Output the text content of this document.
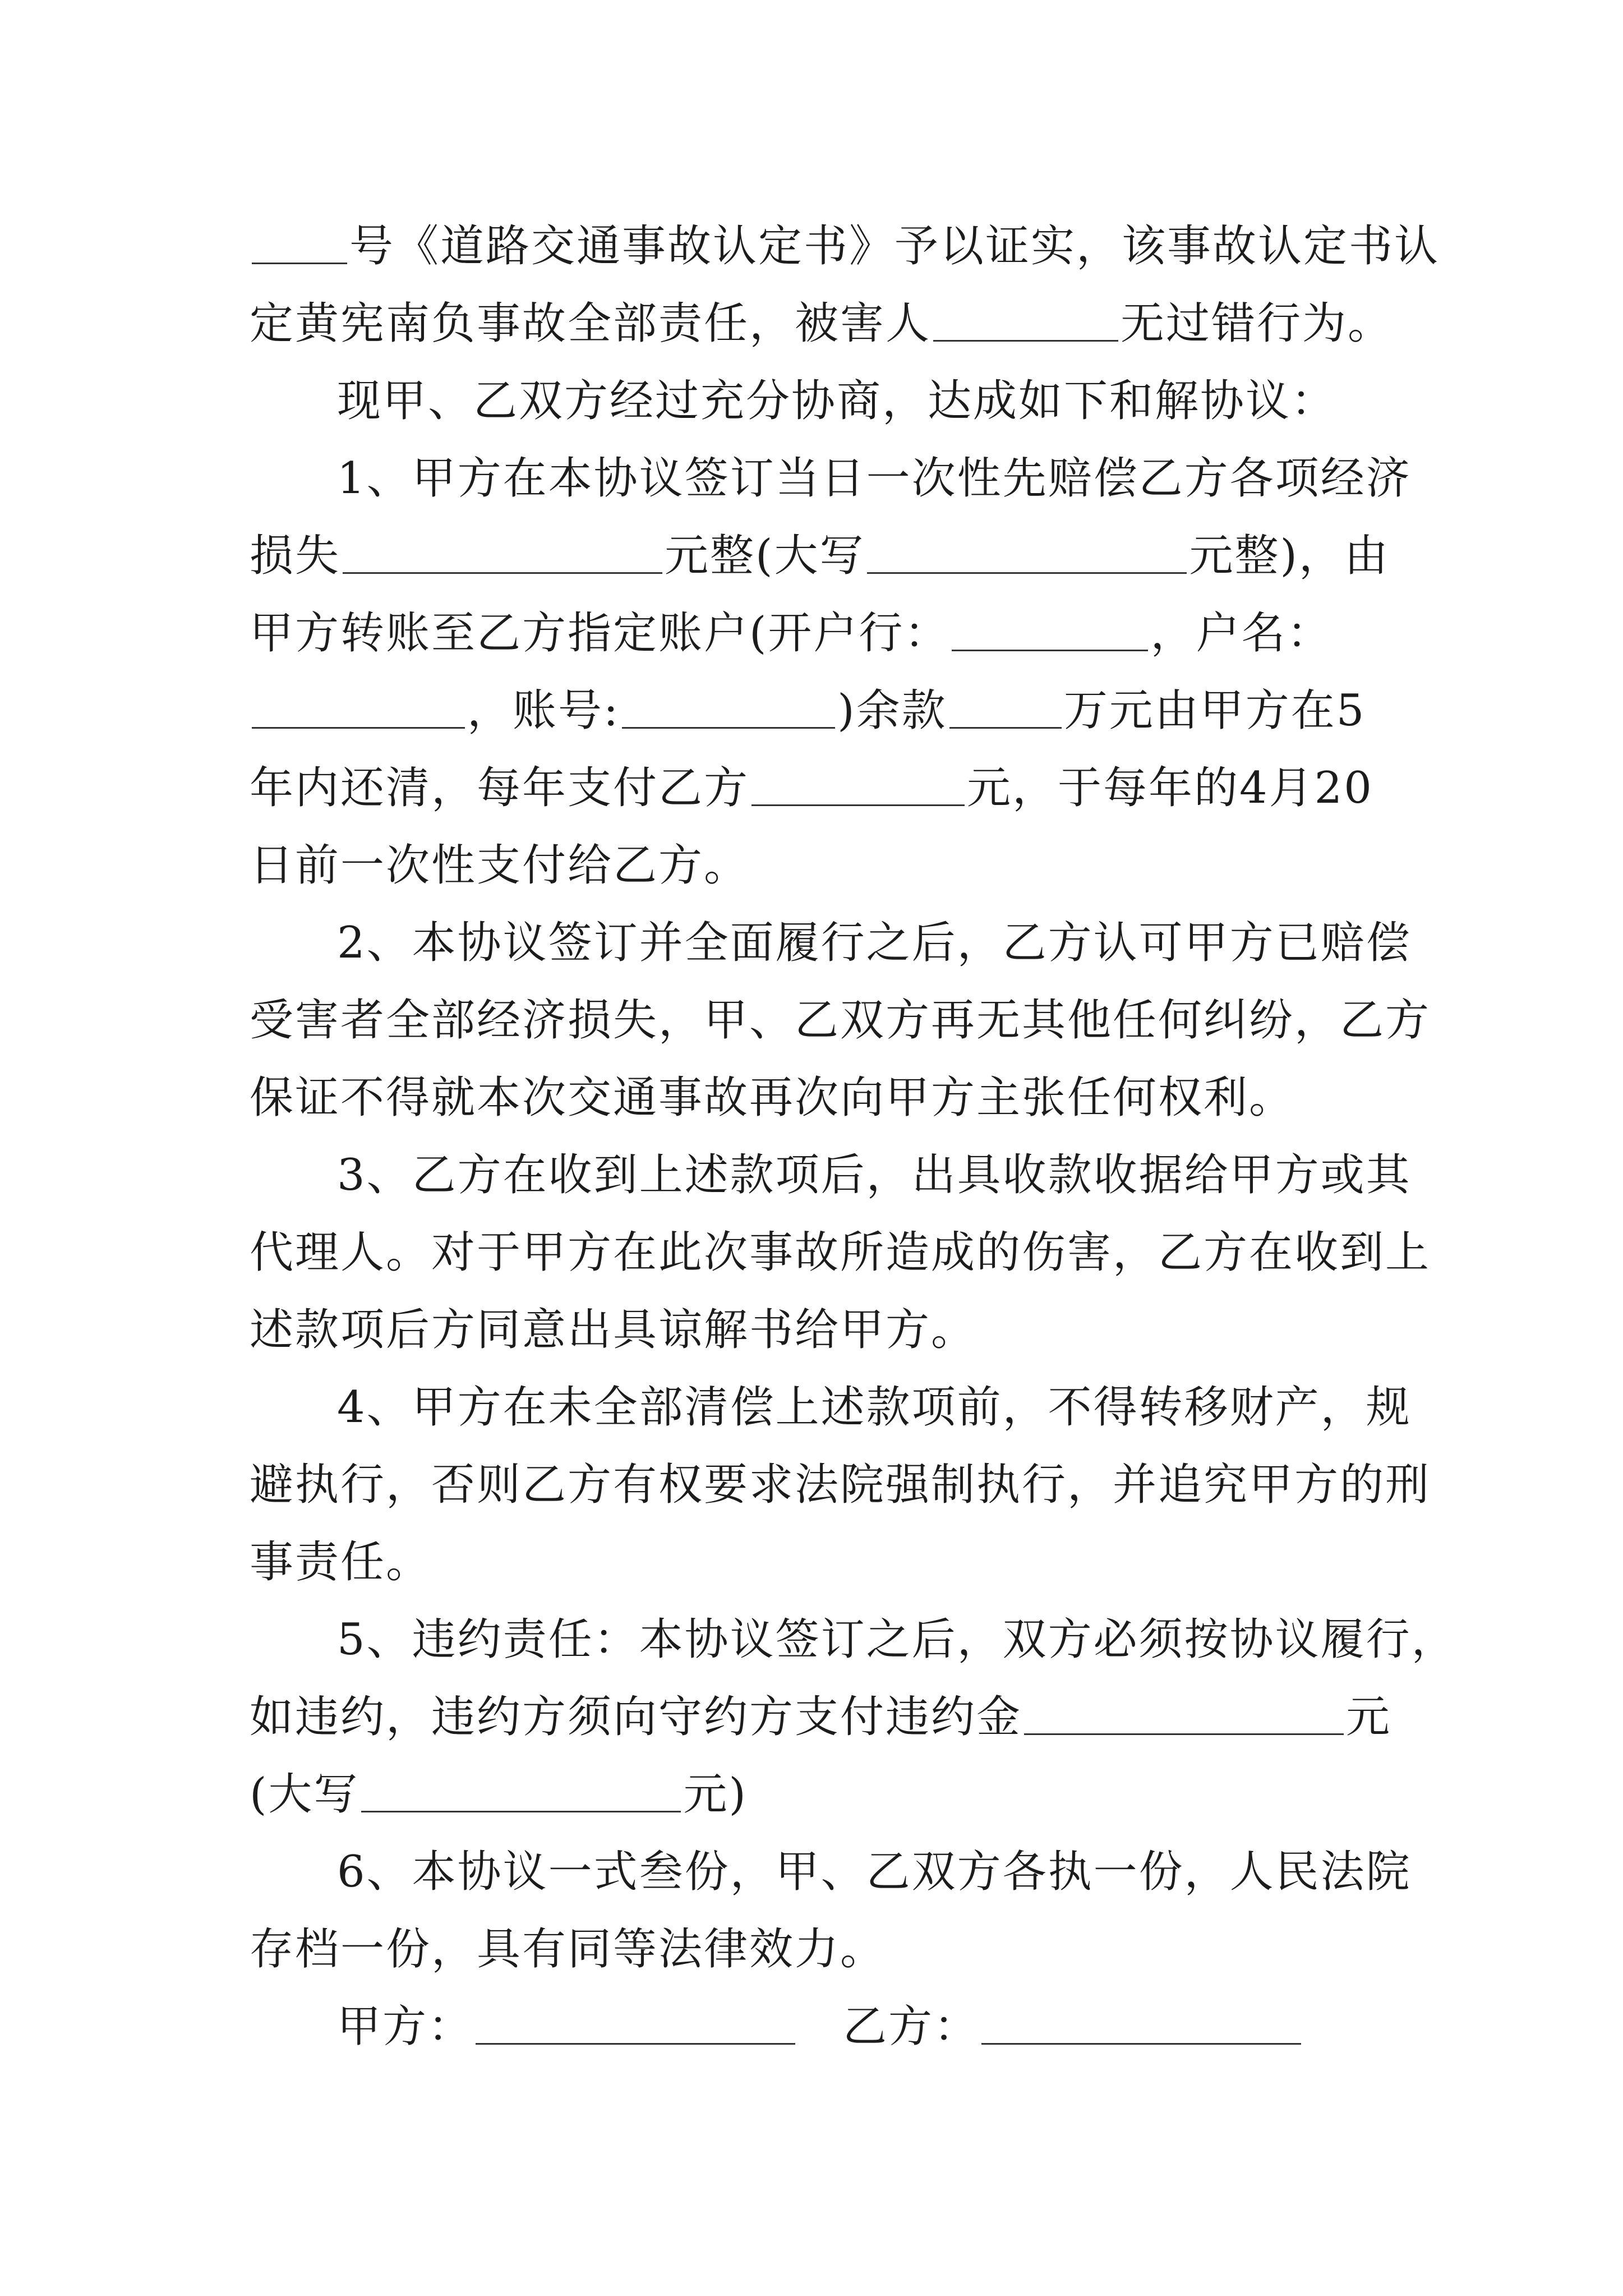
号《道路交通事故认定书》予以证实，该事故认定书认
定黄宪南负事故全部责任，被害人	无过错行为。
现甲、乙双方经过充分协商，达成如下和解协议：
1、甲方在本协议签订当日一次性先赔偿乙方各项经济
损失	元整(大写	元整)，由
甲方转账至乙方指定账户(开户行：	，户名：
，账号:	)余款	万元由甲方在5
年内还清，每年支付乙方	元，于每年的4月20
日前一次性支付给乙方。
2、本协议签订并全面履行之后，乙方认可甲方已赔偿
受害者全部经济损失，甲、乙双方再无其他任何纠纷，乙方
保证不得就本次交通事故再次向甲方主张任何权利。
3、乙方在收到上述款项后，出具收款收据给甲方或其
代理人。对于甲方在此次事故所造成的伤害，乙方在收到上
述款项后方同意出具谅解书给甲方。
4、甲方在未全部清偿上述款项前，不得转移财产，规
避执行，否则乙方有权要求法院强制执行，并追究甲方的刑
事责任。
5、违约责任：本协议签订之后，双方必须按协议履行，
如违约，违约方须向守约方支付违约金	元
(大写	元)
6、本协议一式叁份，甲、乙双方各执一份，人民法院
存档一份，具有同等法律效力。
甲方：	　乙方：
